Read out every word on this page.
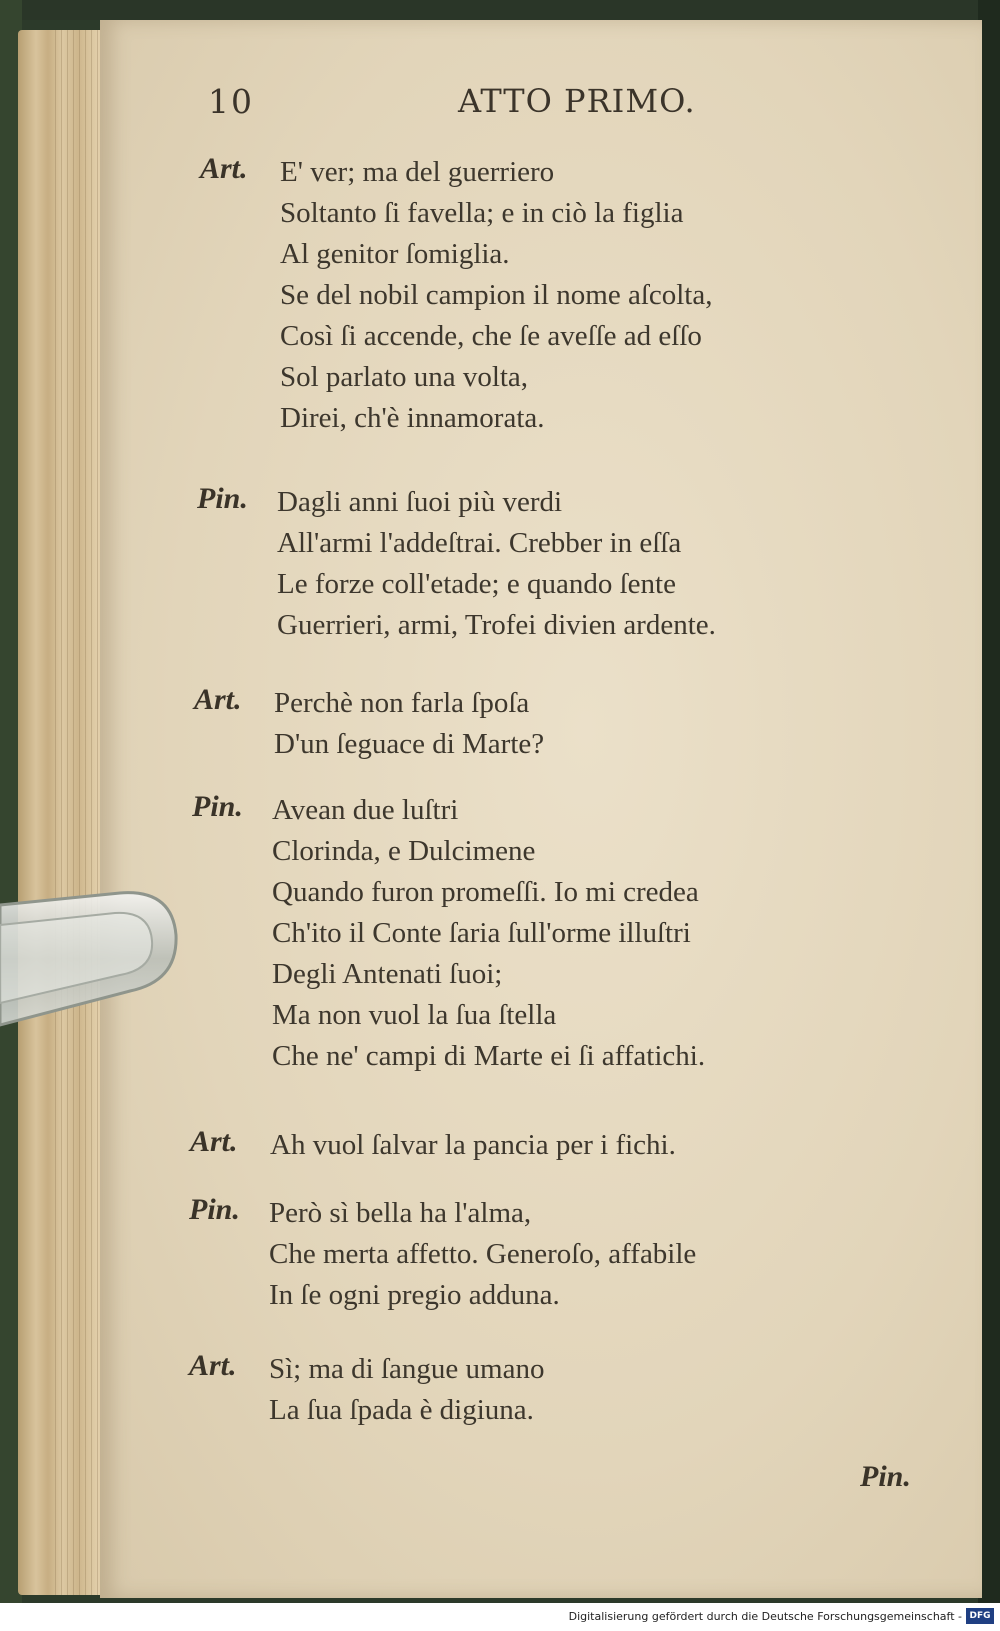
10	ATTO PRIMO.
Art. E' ver; ma del guerriero
Soltanto ſi favella; e in ciò la figlia
Al genitor ſomiglia.
Se del nobil campion il nome aſcolta,
Così ſi accende, che ſe aveſſe ad eſſo
Sol parlato una volta,
Direi, ch'è innamorata.
Pin. Dagli anni ſuoi più verdi
All'armi l'addeſtrai. Crebber in eſſa
Le forze coll'etade; e quando ſente
Guerrieri, armi, Trofei divien ardente.
Art. Perchè non farla ſpoſa
D'un ſeguace di Marte?
Pin. Avean due luſtri
Clorinda, e Dulcimene
Quando furon promeſſi. Io mi credea
Ch'ito il Conte ſaria ſull'orme illuſtri
Degli Antenati ſuoi;
Ma non vuol la ſua ſtella
Che ne' campi di Marte ei ſi affatichi.
Art. Ah vuol ſalvar la pancia per i fichi.
Pin. Però sì bella ha l'alma,
Che merta affetto. Generoſo, affabile
In ſe ogni pregio adduna.
Art. Sì; ma di ſangue umano
La ſua ſpada è digiuna.
Pin.
Digitalisierung gefördert durch die Deutsche Forschungsgemeinschaft - DFG
